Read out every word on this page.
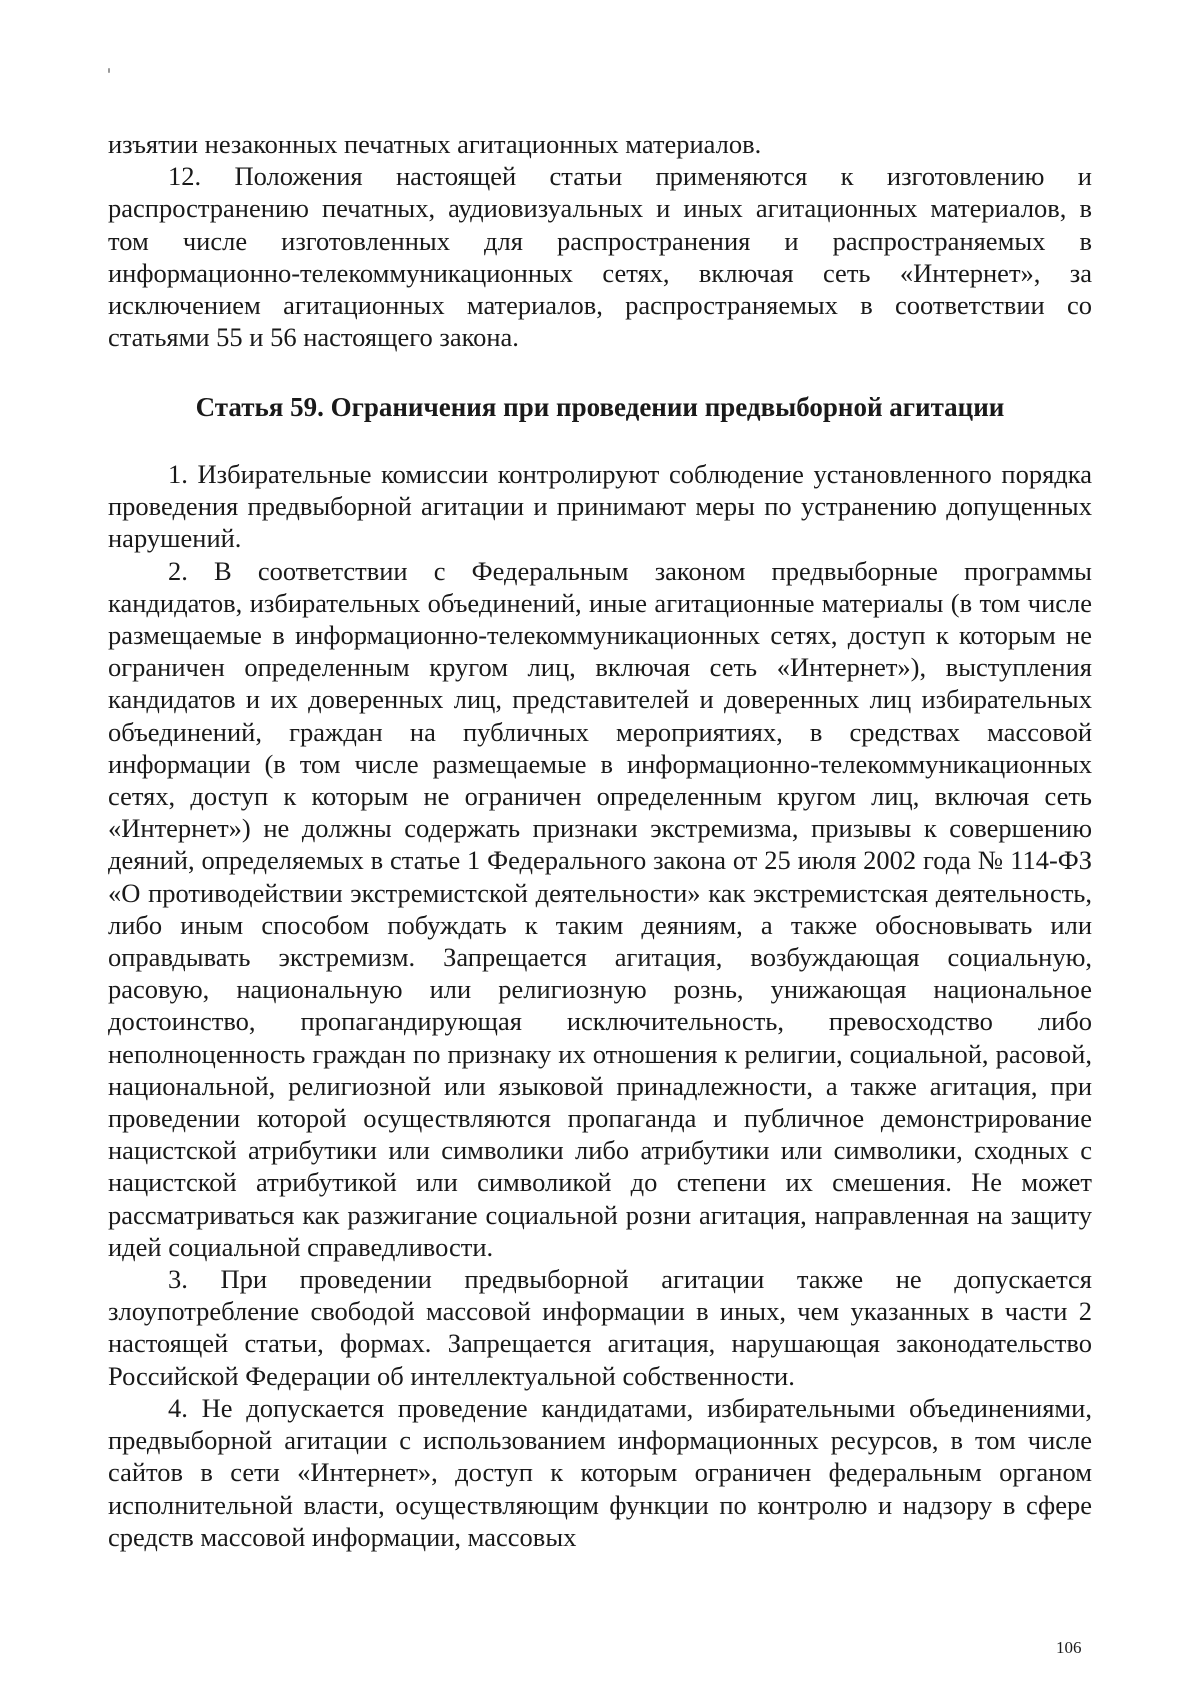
изъятии незаконных печатных агитационных материалов.

12. Положения настоящей статьи применяются к изготовлению и распространению печатных, аудиовизуальных и иных агитационных материалов, в том числе изготовленных для распространения и распространяемых в информационно-телекоммуникационных сетях, включая сеть «Интернет», за исключением агитационных материалов, распространяемых в соответствии со статьями 55 и 56 настоящего закона.

Статья 59. Ограничения при проведении предвыборной агитации

1. Избирательные комиссии контролируют соблюдение установленного порядка проведения предвыборной агитации и принимают меры по устранению допущенных нарушений.

2. В соответствии с Федеральным законом предвыборные программы кандидатов, избирательных объединений, иные агитационные материалы (в том числе размещаемые в информационно-телекоммуникационных сетях, доступ к которым не ограничен определенным кругом лиц, включая сеть «Интернет»), выступления кандидатов и их доверенных лиц, представителей и доверенных лиц избирательных объединений, граждан на публичных мероприятиях, в средствах массовой информации (в том числе размещаемые в информационно-телекоммуникационных сетях, доступ к которым не ограничен определенным кругом лиц, включая сеть «Интернет») не должны содержать признаки экстремизма, призывы к совершению деяний, определяемых в статье 1 Федерального закона от 25 июля 2002 года № 114-ФЗ «О противодействии экстремистской деятельности» как экстремистская деятельность, либо иным способом побуждать к таким деяниям, а также обосновывать или оправдывать экстремизм. Запрещается агитация, возбуждающая социальную, расовую, национальную или религиозную рознь, унижающая национальное достоинство, пропагандирующая исключительность, превосходство либо неполноценность граждан по признаку их отношения к религии, социальной, расовой, национальной, религиозной или языковой принадлежности, а также агитация, при проведении которой осуществляются пропаганда и публичное демонстрирование нацистской атрибутики или символики либо атрибутики или символики, сходных с нацистской атрибутикой или символикой до степени их смешения. Не может рассматриваться как разжигание социальной розни агитация, направленная на защиту идей социальной справедливости.

3. При проведении предвыборной агитации также не допускается злоупотребление свободой массовой информации в иных, чем указанных в части 2 настоящей статьи, формах. Запрещается агитация, нарушающая законодательство Российской Федерации об интеллектуальной собственности.

4. Не допускается проведение кандидатами, избирательными объединениями, предвыборной агитации с использованием информационных ресурсов, в том числе сайтов в сети «Интернет», доступ к которым ограничен федеральным органом исполнительной власти, осуществляющим функции по контролю и надзору в сфере средств массовой информации, массовых

106
